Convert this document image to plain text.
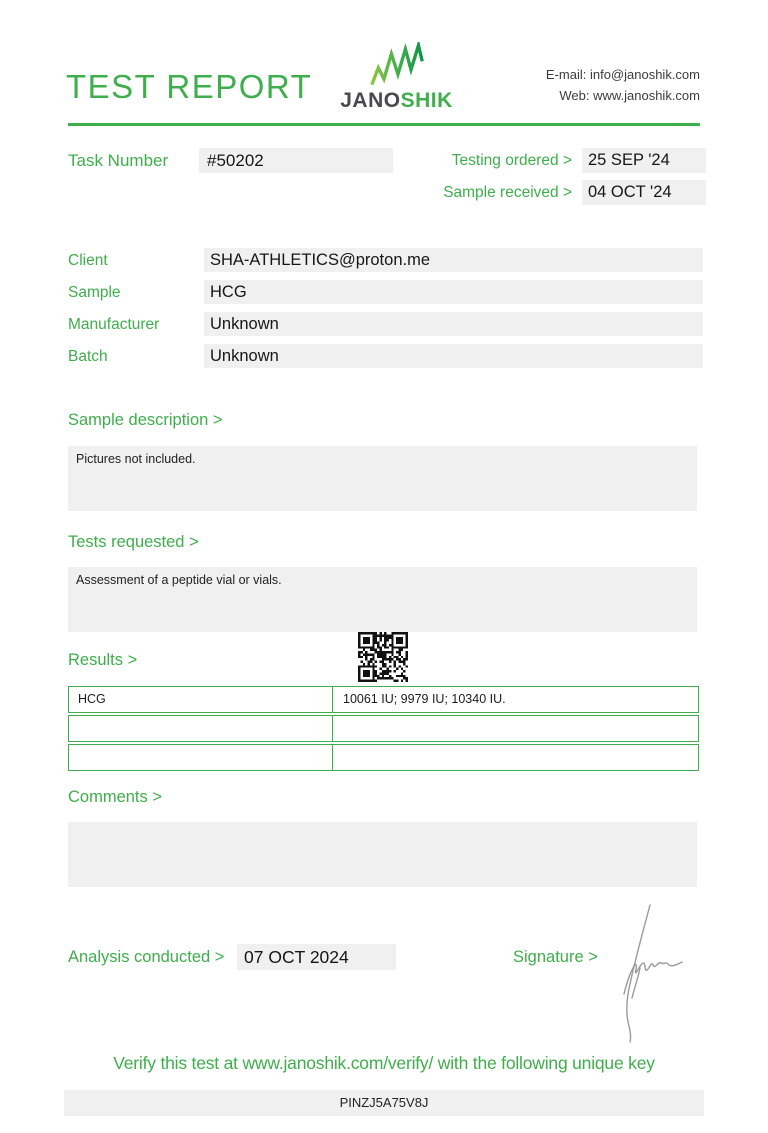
TEST REPORT JANOSHIK
E-mail: info@janoshik.com
Web: www.janoshik.com
Task Number	#50202	Testing ordered > 25 SEP '24
Sample received > 04 OCT '24
Client	SHA-ATHLETICS@proton.me
Sample	HCG
Manufacturer	Unknown
Batch	Unknown
Sample description >
Pictures not included.
Tests requested >
Assessment of a peptide vial or vials.
Results >
HCG	10061 IU; 9979 IU; 10340 IU.
Comments >
Analysis conducted >	07 OCT 2024	Signature >
Verify this test at www.janoshik.com/verify/ with the following unique key
PINZJ5A75V8J
